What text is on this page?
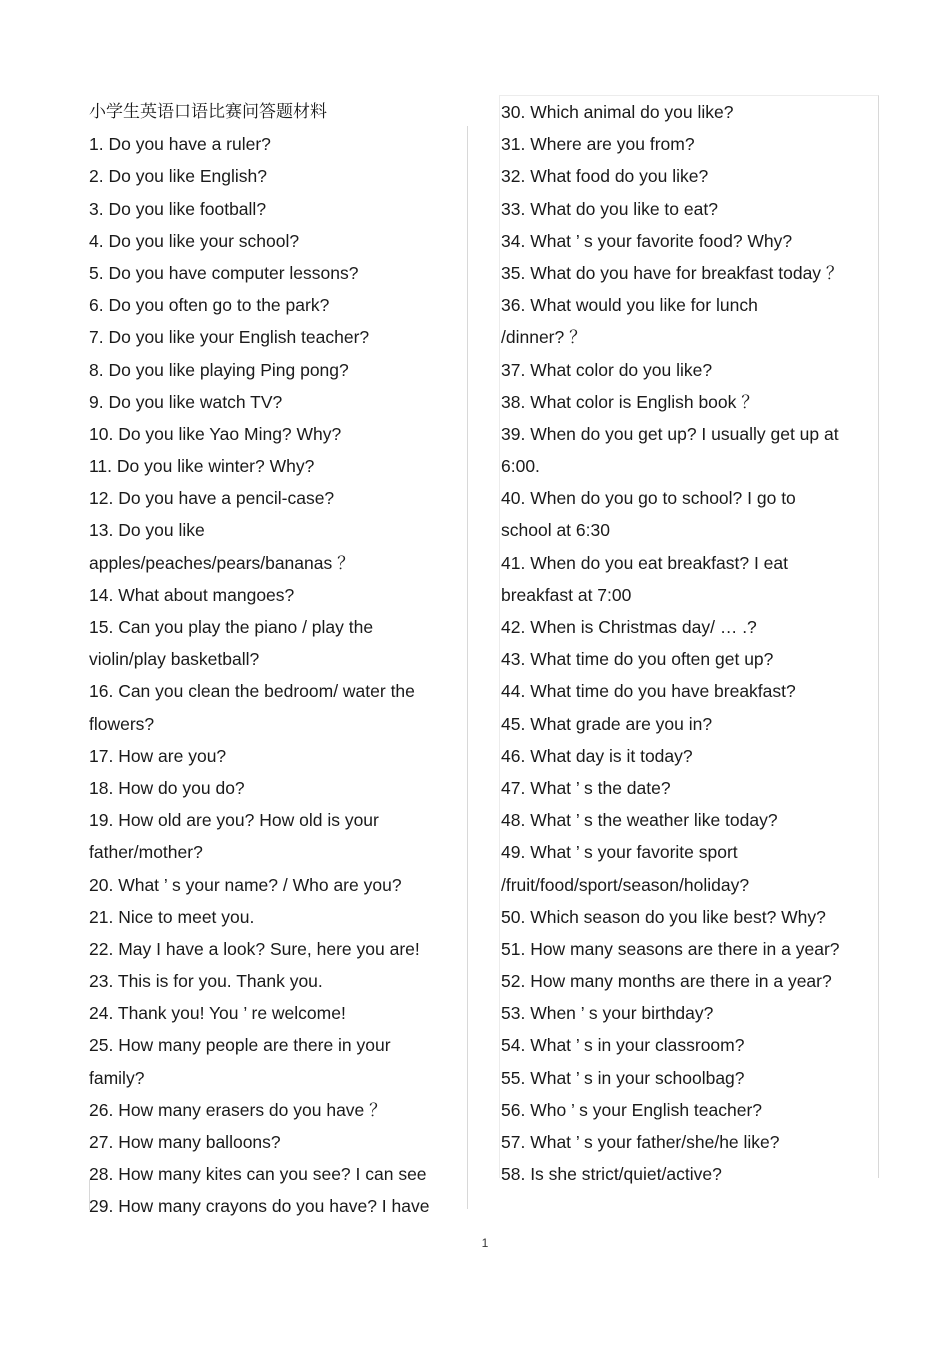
小学生英语口语比赛问答题材料
1. Do you have a ruler?
2. Do you like English?
3. Do you like football?
4. Do you like your school?
5. Do you have computer lessons?
6. Do you often go to the park?
7. Do you like your English teacher?
8. Do you like playing Ping pong?
9. Do you like watch TV?
10. Do you like Yao Ming? Why?
11. Do you like winter? Why?
12. Do you have a pencil-case?
13. Do you like
apples/peaches/pears/bananas ？
14. What about mangoes?
15. Can you play the piano / play the
violin/play basketball?
16. Can you clean the bedroom/ water the
flowers?
17. How are you?
18. How do you do?
19. How old are you? How old is your
father/mother?
20. What ’ s your name? / Who are you?
21. Nice to meet you.
22. May I have a look? Sure, here you are!
23. This is for you. Thank you.
24. Thank you! You ’ re welcome!
25. How many people are there in your
family?
26. How many erasers do you have ？
27. How many balloons?
28. How many kites can you see? I can see
29. How many crayons do you have? I have
30. Which animal do you like?
31. Where are you from?
32. What food do you like?
33. What do you like to eat?
34. What ’ s your favorite food? Why?
35. What do you have for breakfast today ？
36. What would you like for lunch
/dinner? ？
37. What color do you like?
38. What color is English book ？
39. When do you get up? I usually get up at
6:00.
40. When do you go to school? I go to
school at 6:30
41. When do you eat breakfast? I eat
breakfast at 7:00
42. When is Christmas day/ … .?
43. What time do you often get up?
44. What time do you have breakfast?
45. What grade are you in?
46. What day is it today?
47. What ’ s the date?
48. What ’ s the weather like today?
49. What ’ s your favorite sport
/fruit/food/sport/season/holiday?
50. Which season do you like best? Why?
51. How many seasons are there in a year?
52. How many months are there in a year?
53. When ’ s your birthday?
54. What ’ s in your classroom?
55. What ’ s in your schoolbag?
56. Who ’ s your English teacher?
57. What ’ s your father/she/he like?
58. Is she strict/quiet/active?
1
